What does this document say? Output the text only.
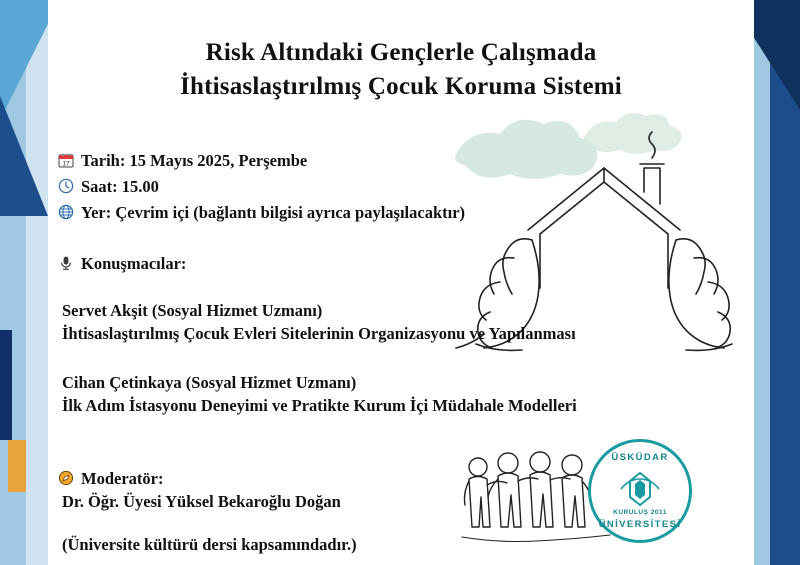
Risk Altındaki Gençlerle Çalışmada
İhtisaslaştırılmış Çocuk Koruma Sistemi
17 Tarih: 15 Mayıs 2025, Perşembe
Saat: 15.00
Yer: Çevrim içi (bağlantı bilgisi ayrıca paylaşılacaktır)
Konuşmacılar:
Servet Akşit (Sosyal Hizmet Uzmanı)
İhtisaslaştırılmış Çocuk Evleri Sitelerinin Organizasyonu ve Yapılanması
Cihan Çetinkaya (Sosyal Hizmet Uzmanı)
İlk Adım İstasyonu Deneyimi ve Pratikte Kurum İçi Müdahale Modelleri
Moderatör:
Dr. Öğr. Üyesi Yüksel Bekaroğlu Doğan
(Üniversite kültürü dersi kapsamındadır.)
ÜSKÜDAR
KURULUŞ 2011
ÜNİVERSİTESİ
